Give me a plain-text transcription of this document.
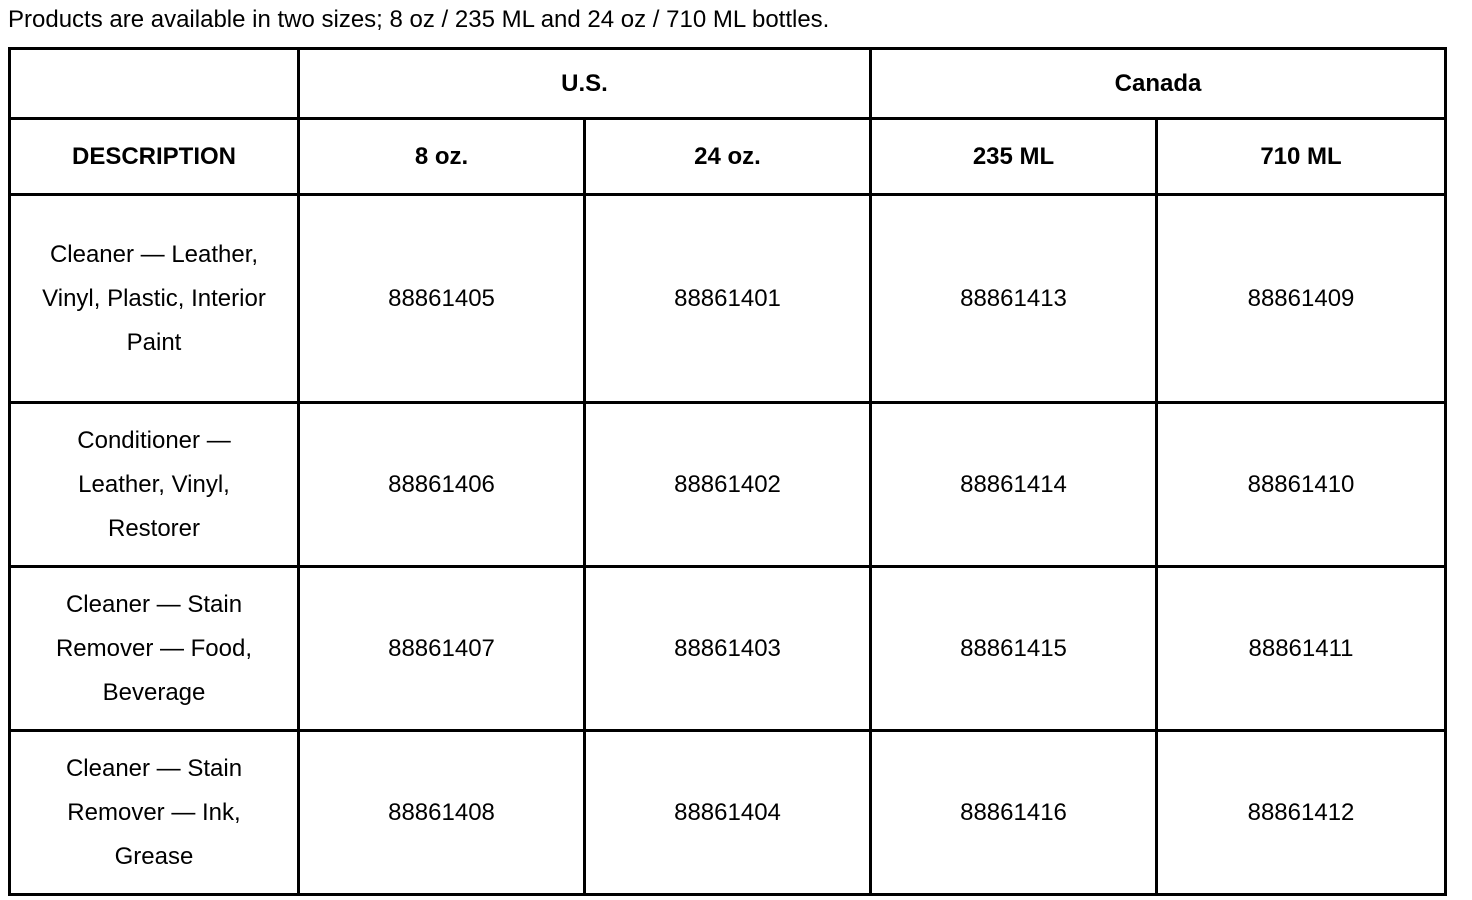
Products are available in two sizes; 8 oz / 235 ML and 24 oz / 710 ML bottles.
	U.S.		Canada	
DESCRIPTION	8 oz.	24 oz.	235 ML	710 ML
Cleaner — Leather, Vinyl, Plastic, Interior Paint	88861405	88861401	88861413	88861409
Conditioner — Leather, Vinyl, Restorer	88861406	88861402	88861414	88861410
Cleaner — Stain Remover — Food, Beverage	88861407	88861403	88861415	88861411
Cleaner — Stain Remover — Ink, Grease	88861408	88861404	88861416	88861412
